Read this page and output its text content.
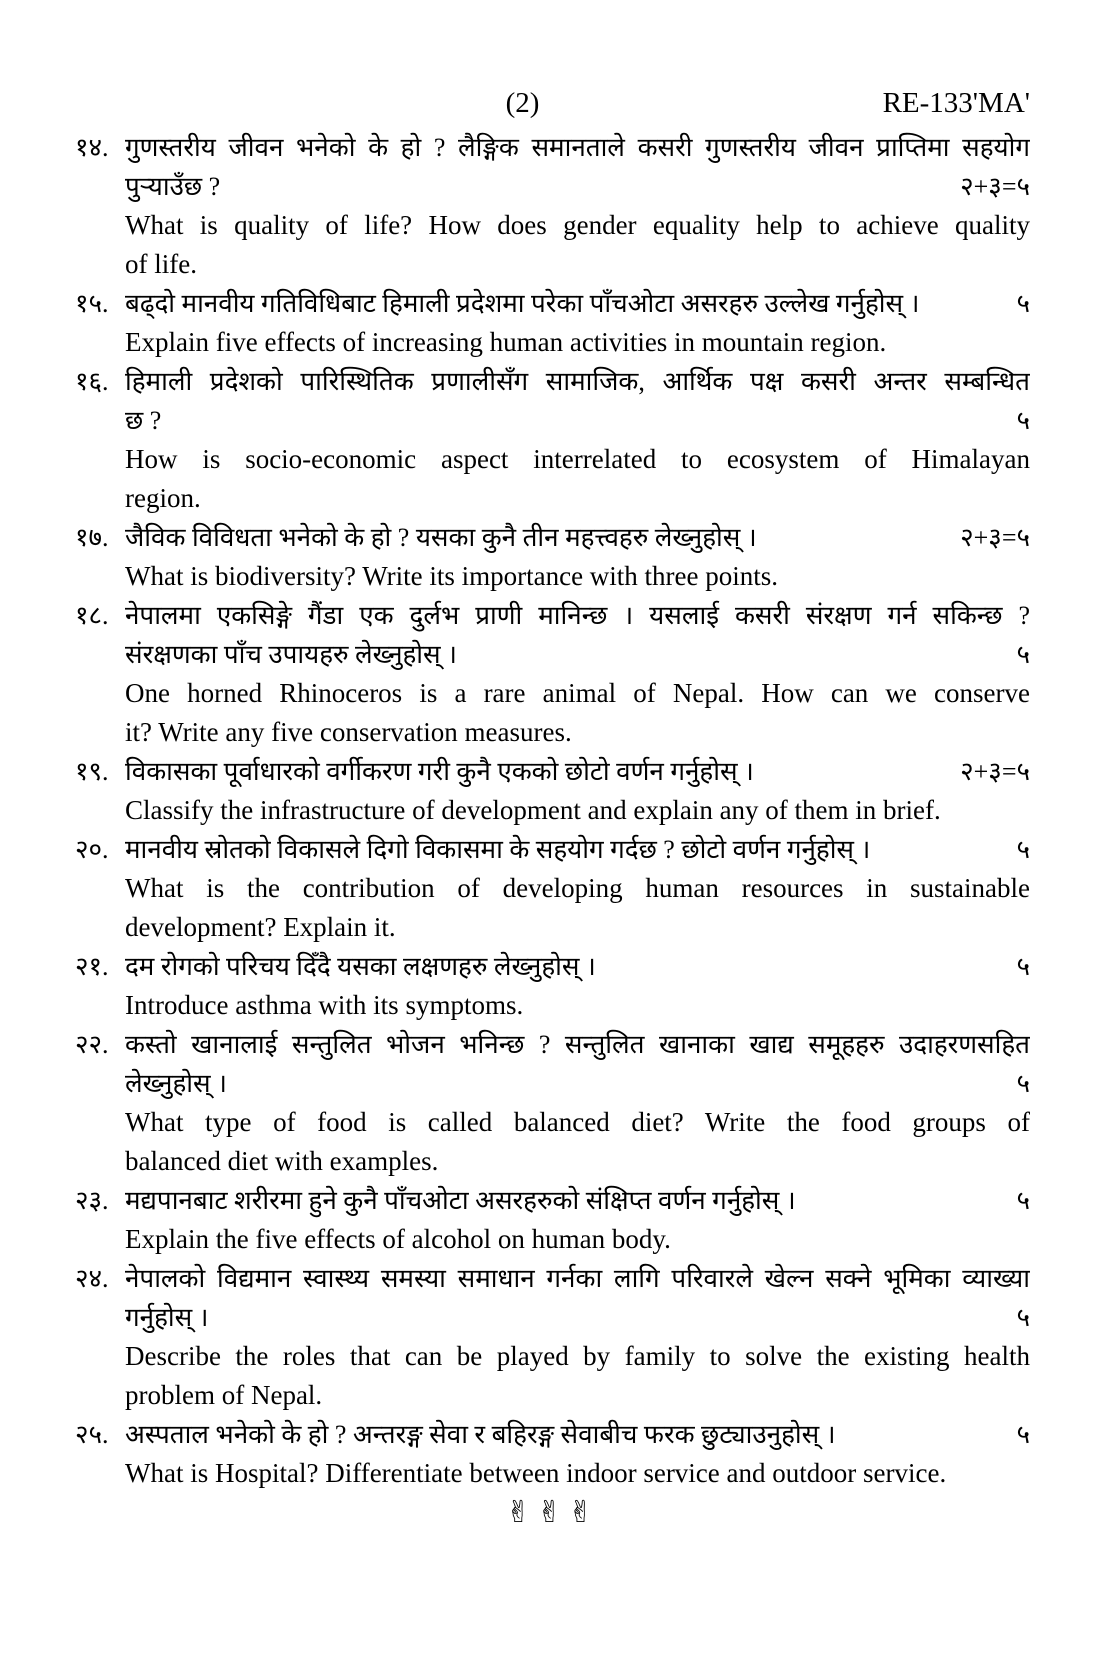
(2)	RE-133'MA'
१४. गुणस्तरीय जीवन भनेको के हो ? लैङ्गिक समानताले कसरी गुणस्तरीय जीवन प्राप्तिमा सहयोग
पुऱ्याउँछ ?	२+३=५
What is quality of life? How does gender equality help to achieve quality
of life.
१५. बढ्दो मानवीय गतिविधिबाट हिमाली प्रदेशमा परेका पाँचओटा असरहरु उल्लेख गर्नुहोस् ।	५
Explain five effects of increasing human activities in mountain region.
१६. हिमाली प्रदेशको पारिस्थितिक प्रणालीसँग सामाजिक, आर्थिक पक्ष कसरी अन्तर सम्बन्धित
छ ?	५
How is socio-economic aspect interrelated to ecosystem of Himalayan
region.
१७. जैविक विविधता भनेको के हो ? यसका कुनै तीन महत्त्वहरु लेख्नुहोस् ।	२+३=५
What is biodiversity? Write its importance with three points.
१८. नेपालमा एकसिङ्गे गैंडा एक दुर्लभ प्राणी मानिन्छ । यसलाई कसरी संरक्षण गर्न सकिन्छ ?
संरक्षणका पाँच उपायहरु लेख्नुहोस् ।	५
One horned Rhinoceros is a rare animal of Nepal. How can we conserve
it? Write any five conservation measures.
१९. विकासका पूर्वाधारको वर्गीकरण गरी कुनै एकको छोटो वर्णन गर्नुहोस् ।	२+३=५
Classify the infrastructure of development and explain any of them in brief.
२०. मानवीय स्रोतको विकासले दिगो विकासमा के सहयोग गर्दछ ? छोटो वर्णन गर्नुहोस् ।	५
What is the contribution of developing human resources in sustainable
development? Explain it.
२१. दम रोगको परिचय दिँदै यसका लक्षणहरु लेख्नुहोस् ।	५
Introduce asthma with its symptoms.
२२. कस्तो खानालाई सन्तुलित भोजन भनिन्छ ? सन्तुलित खानाका खाद्य समूहहरु उदाहरणसहित
लेख्नुहोस् ।	५
What type of food is called balanced diet? Write the food groups of
balanced diet with examples.
२३. मद्यपानबाट शरीरमा हुने कुनै पाँचओटा असरहरुको संक्षिप्त वर्णन गर्नुहोस् ।	५
Explain the five effects of alcohol on human body.
२४. नेपालको विद्यमान स्वास्थ्य समस्या समाधान गर्नका लागि परिवारले खेल्न सक्ने भूमिका व्याख्या
गर्नुहोस् ।	५
Describe the roles that can be played by family to solve the existing health
problem of Nepal.
२५. अस्पताल भनेको के हो ? अन्तरङ्ग सेवा र बहिरङ्ग सेवाबीच फरक छुट्याउनुहोस् ।	५
What is Hospital? Differentiate between indoor service and outdoor service.
✌︎✌︎✌︎
